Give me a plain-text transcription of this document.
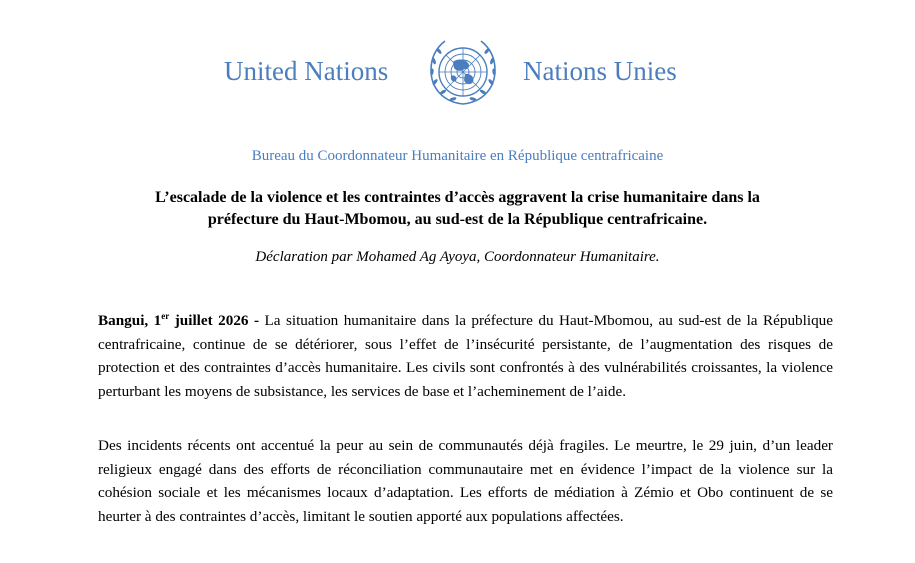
United Nations	Nations Unies
Bureau du Coordonnateur Humanitaire en République centrafricaine
L’escalade de la violence et les contraintes d’accès aggravent la crise humanitaire dans la préfecture du Haut-Mbomou, au sud-est de la République centrafricaine.
Déclaration par Mohamed Ag Ayoya, Coordonnateur Humanitaire.

Bangui, 1er juillet 2026 - La situation humanitaire dans la préfecture du Haut-Mbomou, au sud-est de la République centrafricaine, continue de se détériorer, sous l’effet de l’insécurité persistante, de l’augmentation des risques de protection et des contraintes d’accès humanitaire. Les civils sont confrontés à des vulnérabilités croissantes, la violence perturbant les moyens de subsistance, les services de base et l’acheminement de l’aide.

Des incidents récents ont accentué la peur au sein de communautés déjà fragiles. Le meurtre, le 29 juin, d’un leader religieux engagé dans des efforts de réconciliation communautaire met en évidence l’impact de la violence sur la cohésion sociale et les mécanismes locaux d’adaptation. Les efforts de médiation à Zémio et Obo continuent de se heurter à des contraintes d’accès, limitant le soutien apporté aux populations affectées.
